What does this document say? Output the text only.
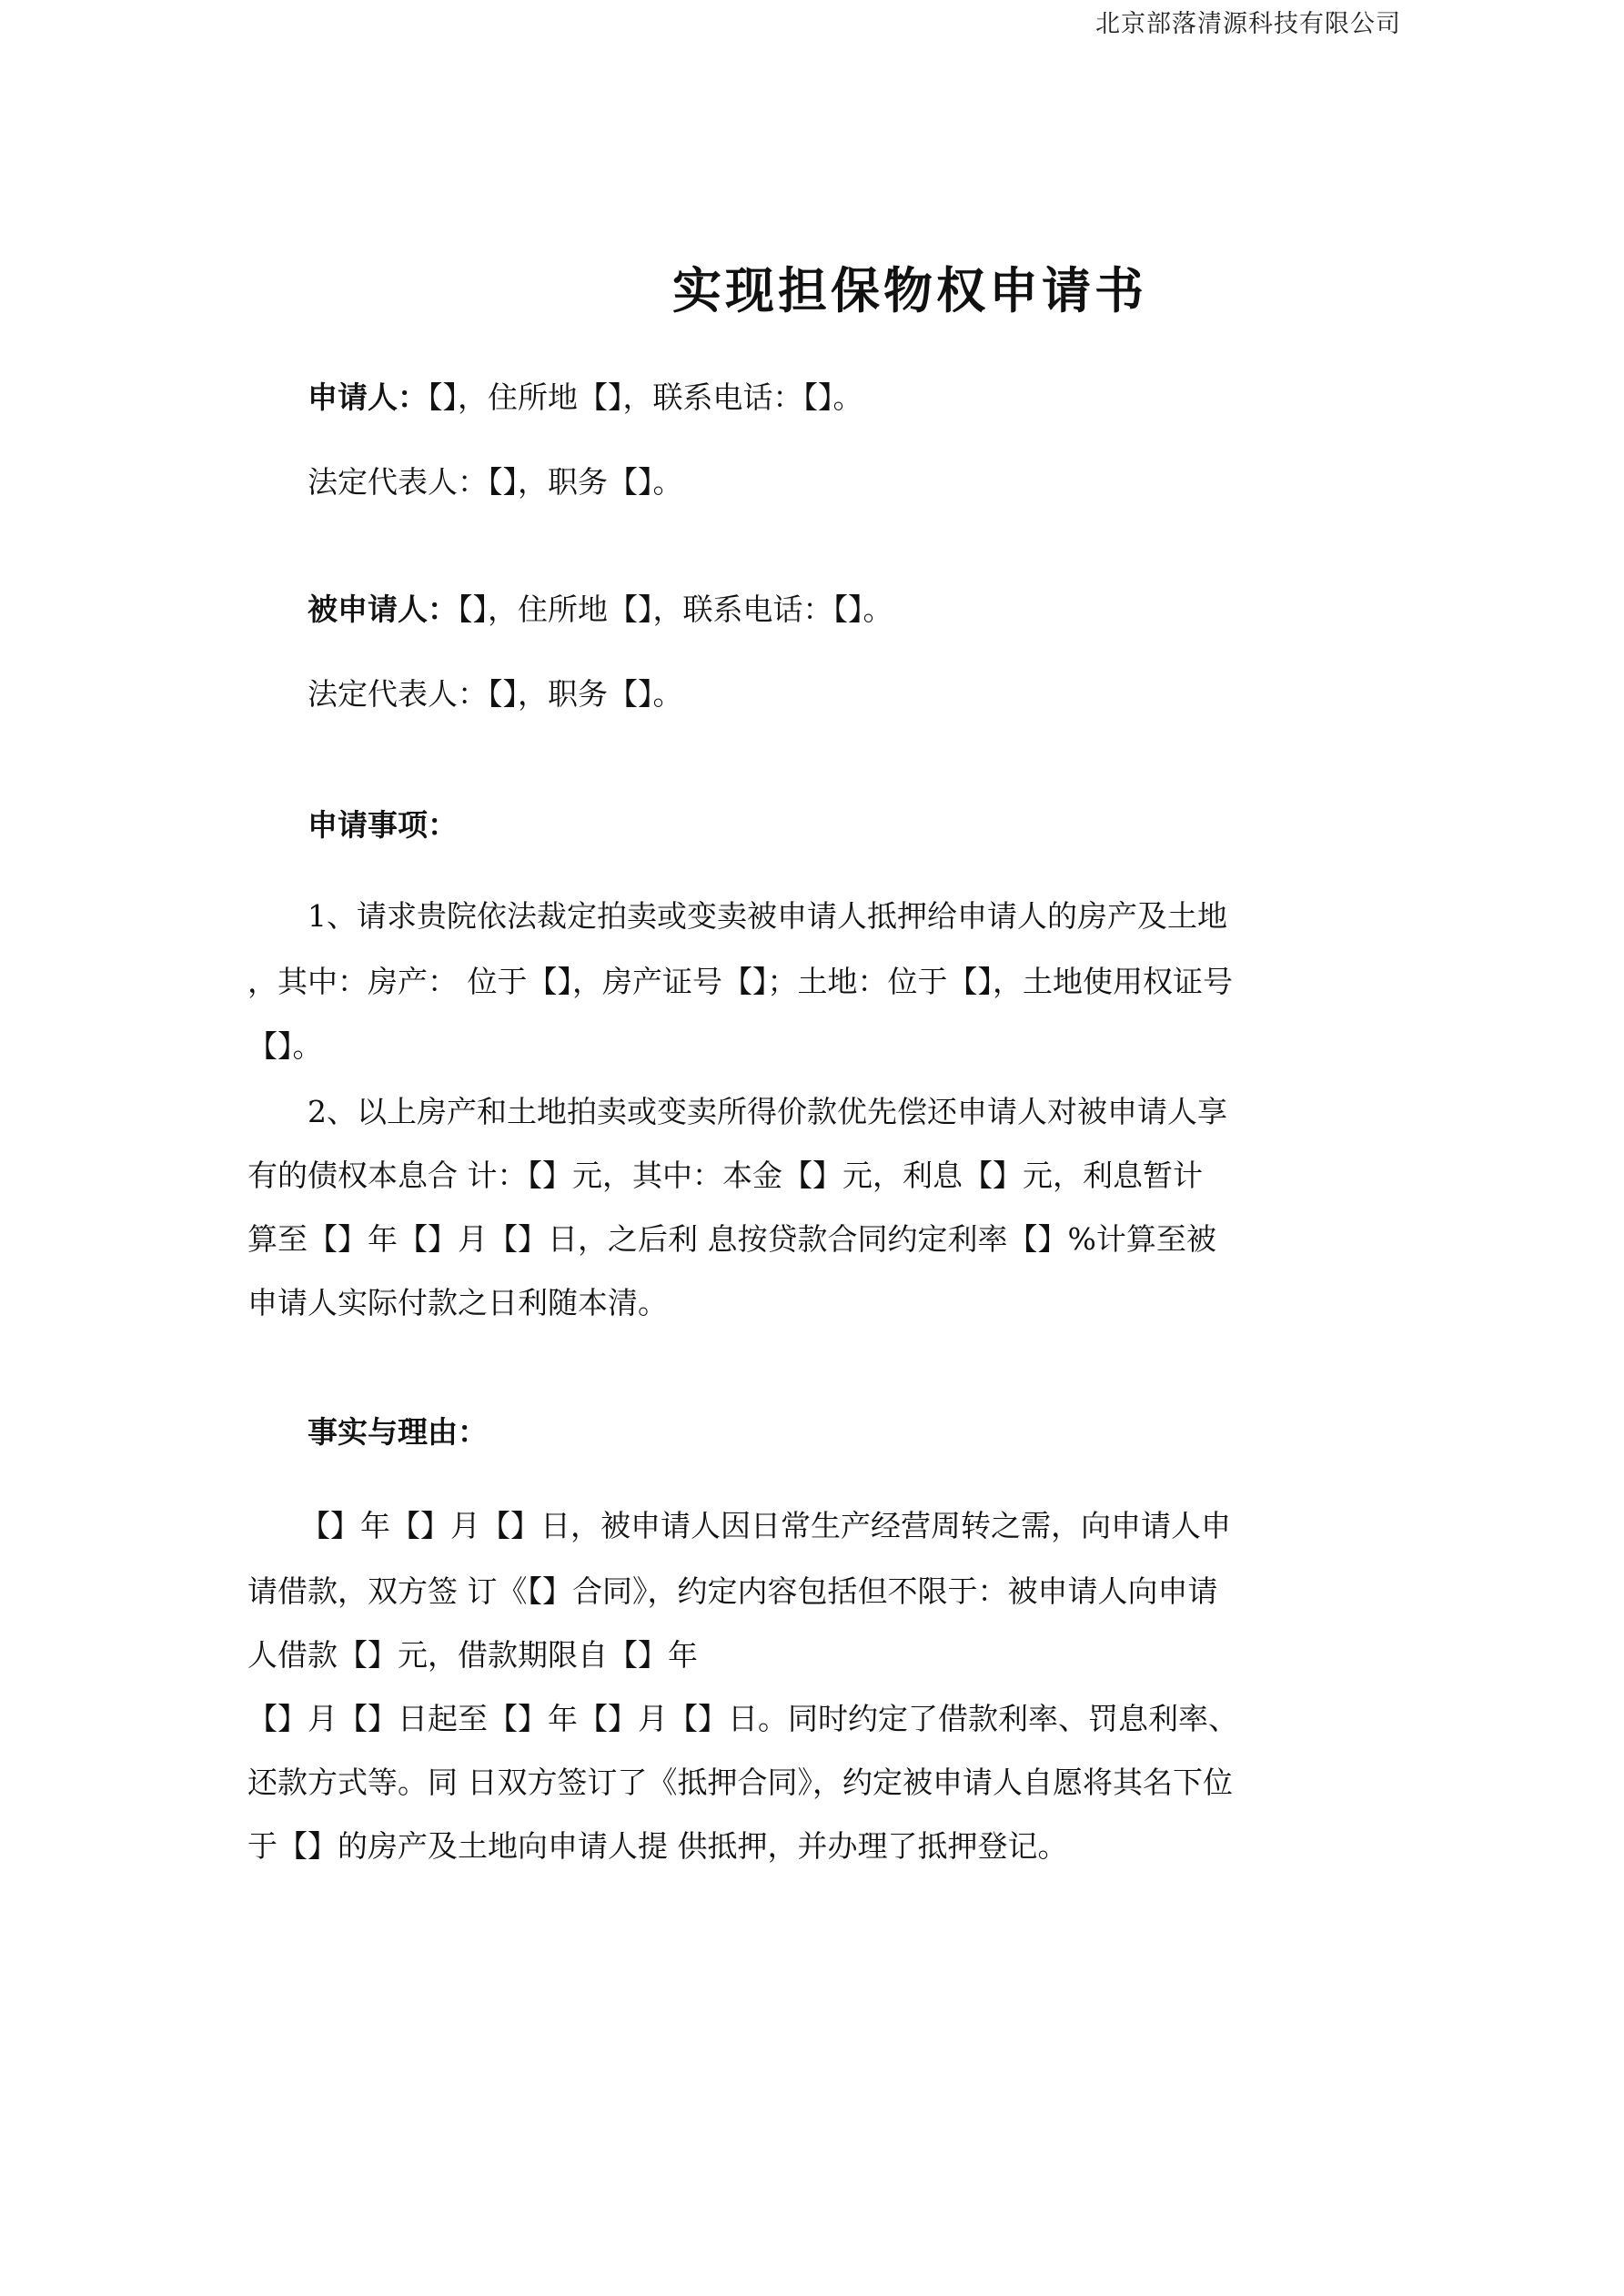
北京部落清源科技有限公司
实现担保物权申请书
申请人：【】，住所地【】，联系电话：【】。
法定代表人：【】，职务【】。
被申请人：【】，住所地【】，联系电话：【】。
法定代表人：【】，职务【】。
申请事项：
1、请求贵院依法裁定拍卖或变卖被申请人抵押给申请人的房产及土地
，其中：房产： 位于【】，房产证号【】；土地：位于【】，土地使用权证号
【】。
2、以上房产和土地拍卖或变卖所得价款优先偿还申请人对被申请人享
有的债权本息合 计：【】元，其中：本金【】元，利息【】元，利息暂计
算至【】年【】月【】日，之后利 息按贷款合同约定利率【】%计算至被
申请人实际付款之日利随本清。
事实与理由：
【】年【】月【】日，被申请人因日常生产经营周转之需，向申请人申
请借款，双方签 订《【】合同》，约定内容包括但不限于：被申请人向申请
人借款【】元，借款期限自【】年
【】月【】日起至【】年【】月【】日。同时约定了借款利率、罚息利率、
还款方式等。同 日双方签订了《抵押合同》，约定被申请人自愿将其名下位
于【】的房产及土地向申请人提 供抵押，并办理了抵押登记。
